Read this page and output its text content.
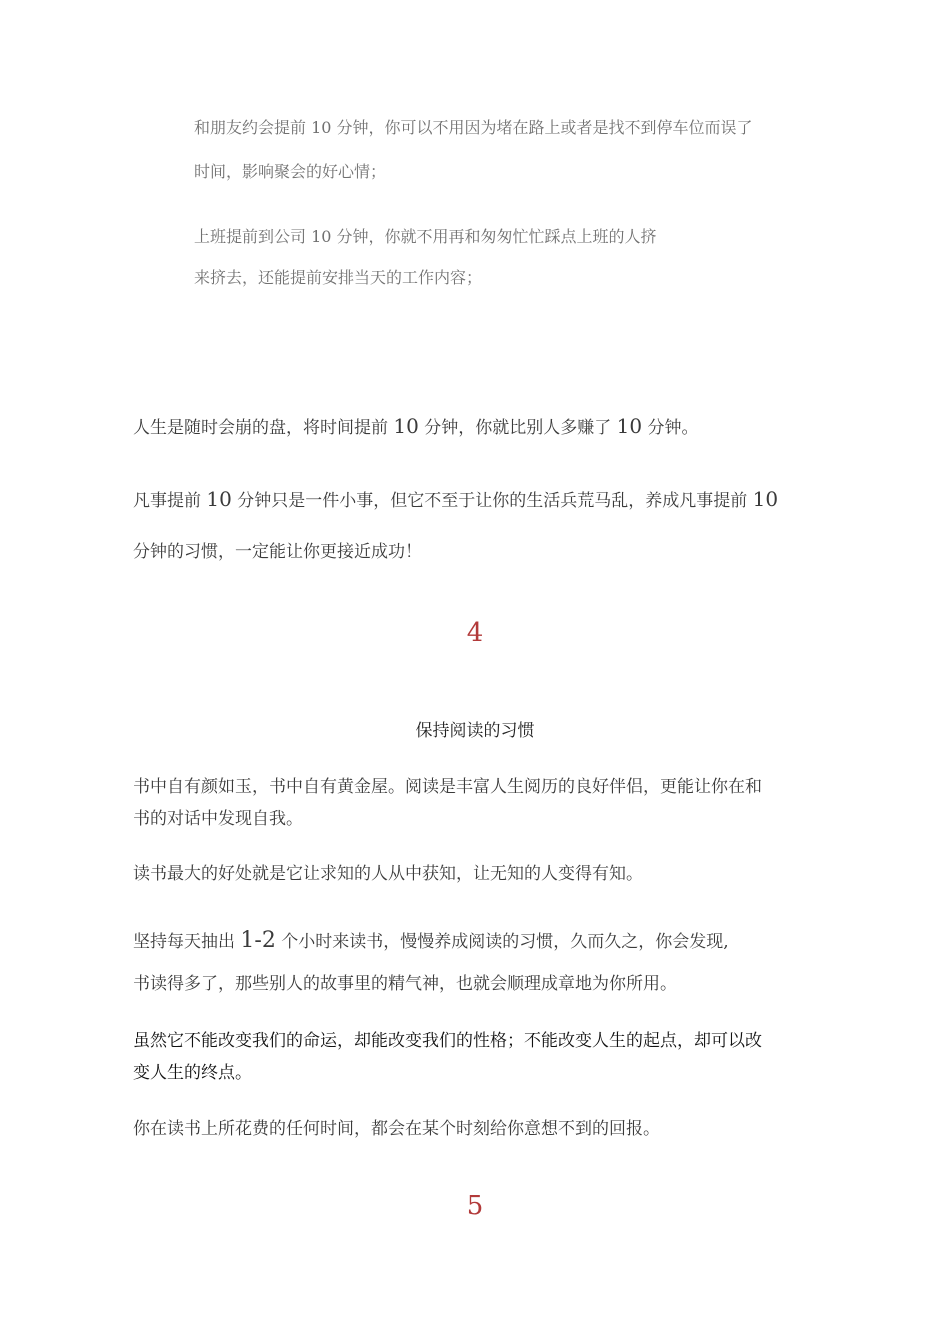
和朋友约会提前 10 分钟，你可以不用因为堵在路上或者是找不到停车位而误了
时间，影响聚会的好心情；
上班提前到公司 10 分钟，你就不用再和匆匆忙忙踩点上班的人挤
来挤去，还能提前安排当天的工作内容；
人生是随时会崩的盘，将时间提前 10 分钟，你就比别人多赚了 10 分钟。
凡事提前 10 分钟只是一件小事，但它不至于让你的生活兵荒马乱，养成凡事提前 10
分钟的习惯，一定能让你更接近成功！
4
保持阅读的习惯
书中自有颜如玉，书中自有黄金屋。阅读是丰富人生阅历的良好伴侣，更能让你在和
书的对话中发现自我。
读书最大的好处就是它让求知的人从中获知，让无知的人变得有知。
坚持每天抽出 1-2 个小时来读书，慢慢养成阅读的习惯，久而久之，你会发现,
书读得多了，那些别人的故事里的精气神，也就会顺理成章地为你所用。
虽然它不能改变我们的命运，却能改变我们的性格；不能改变人生的起点，却可以改
变人生的终点。
你在读书上所花费的任何时间，都会在某个时刻给你意想不到的回报。
5
